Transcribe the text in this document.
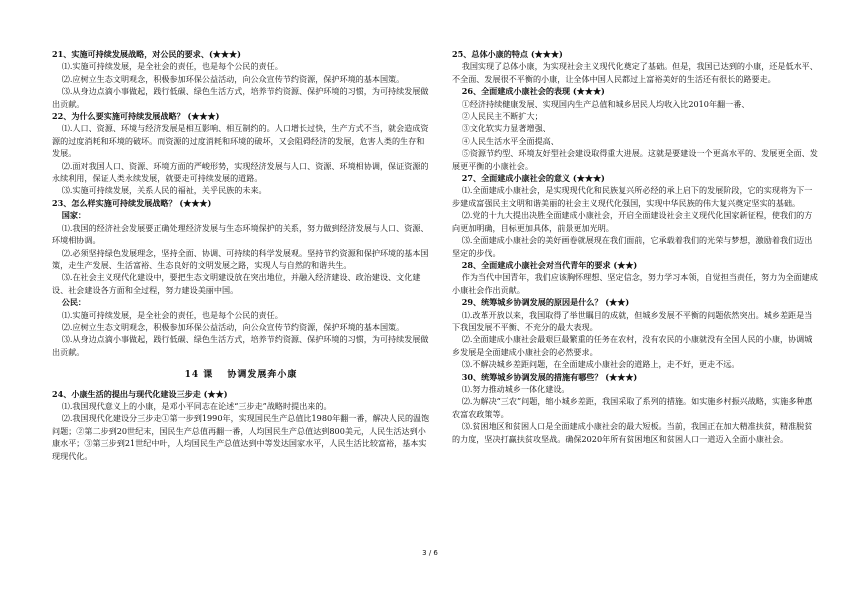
21、实施可持续发展战略，对公民的要求、(★★★)

⑴.实施可持续发展，是全社会的责任，也是每个公民的责任。

⑵.应树立生态文明观念，积极参加环保公益活动，向公众宣传节约资源，保护环境的基本国策。

⑶.从身边点滴小事做起，践行低碳、绿色生活方式，培养节约资源、保护环境的习惯，为可持续发展做出贡献。

22、为什么要实施可持续发展战略？ (★★★)

⑴.人口、资源、环境与经济发展是相互影响、相互制约的。人口增长过快，生产方式不当，就会造成资源的过度消耗和环境的破坏。而资源的过度消耗和环境的破坏，又会阻碍经济的发展，危害人类的生存和发展。

⑵.面对我国人口、资源、环境方面的严峻形势，实现经济发展与人口、资源、环境相协调，保证资源的永续利用，保证人类永续发展，就要走可持续发展的道路。

⑶.实施可持续发展，关系人民的福祉，关乎民族的未来。

23、怎么样实施可持续发展战略？ (★★★)
国家：

⑴.我国的经济社会发展要正确处理经济发展与生态环境保护的关系，努力做到经济发展与人口、资源、环境相协调。

⑵.必须坚持绿色发展理念，坚持全面、协调、可持续的科学发展观。坚持节约资源和保护环境的基本国策，走生产发展、生活富裕、生态良好的文明发展之路，实现人与自然的和谐共生。

⑶.在社会主义现代化建设中，要把生态文明建设放在突出地位，并融入经济建设、政治建设、文化建设、社会建设各方面和全过程，努力建设美丽中国。

公民：

⑴.实施可持续发展，是全社会的责任，也是每个公民的责任。

⑵.应树立生态文明观念，积极参加环保公益活动，向公众宣传节约资源，保护环境的基本国策。

⑶.从身边点滴小事做起，践行低碳、绿色生活方式，培养节约资源、保护环境的习惯，为可持续发展做出贡献。

14 课　 协调发展奔小康
24、小康生活的提出与现代化建设三步走 (★★)

⑴.我国现代意义上的小康，是邓小平同志在论述“三步走”战略时提出来的。

⑵.我国现代化建设分三步走①第一步到1990年，实现国民生产总值比1980年翻一番，解决人民的温饱问题；②第二步到20世纪末，国民生产总值再翻一番，人均国民生产总值达到800美元，人民生活达到小康水平；③第三步到21世纪中叶，人均国民生产总值达到中等发达国家水平，人民生活比较富裕，基本实现现代化。

25、总体小康的特点 (★★★)

我国实现了总体小康，为实现社会主义现代化奠定了基础。但是，我国已达到的小康，还是低水平、不全面、发展很不平衡的小康，让全体中国人民都过上富裕美好的生活还有很长的路要走。

26、全面建成小康社会的表现 (★★★)

①经济持续健康发展、实现国内生产总值和城乡居民人均收入比2010年翻一番、

②人民民主不断扩大；

③文化软实力显著增强、

④人民生活水平全面提高、

⑤资源节约型、环境友好型社会建设取得重大进展。这就是要建设一个更高水平的、发展更全面、发展更平衡的小康社会。

27、全面建成小康社会的意义 (★★★)

⑴.全面建成小康社会，是实现现代化和民族复兴所必经的承上启下的发展阶段，它的实现将为下一步建成富强民主文明和谐美丽的社会主义现代化强国，实现中华民族的伟大复兴奠定坚实的基础。

⑵.党的十九大提出决胜全面建成小康社会，开启全面建设社会主义现代化国家新征程，使我们的方向更加明确，目标更加具体，前景更加光明。

⑶.全面建成小康社会的美好画卷就展现在我们面前，它承载着我们的光荣与梦想，激励着我们迈出坚定的步伐。

28、全面建成小康社会对当代青年的要求 (★★)

作为当代中国青年，我们应该胸怀理想、坚定信念，努力学习本领，自觉担当责任，努力为全面建成小康社会作出贡献。

29、统筹城乡协调发展的原因是什么？ (★★)

⑴.改革开放以来，我国取得了举世瞩目的成就，但城乡发展不平衡的问题依然突出。城乡差距是当下我国发展不平衡、不充分的最大表现。

⑵.全面建成小康社会最艰巨最繁重的任务在农村，没有农民的小康就没有全国人民的小康，协调城乡发展是全面建成小康社会的必然要求。

⑶.不解决城乡差距问题，在全面建成小康社会的道路上，走不好，更走不远。

30、统筹城乡协调发展的措施有哪些？ (★★★)

⑴.努力推动城乡一体化建设。

⑵.为解决“三农”问题，缩小城乡差距，我国采取了系列的措施。如实施乡村振兴战略，实施多种惠农富农政策等。

⑶.贫困地区和贫困人口是全面建成小康社会的最大短板。当前，我国正在加大精准扶贫，精准脱贫的力度，坚决打赢扶贫攻坚战。确保2020年所有贫困地区和贫困人口一道迈入全面小康社会。

3 / 6
